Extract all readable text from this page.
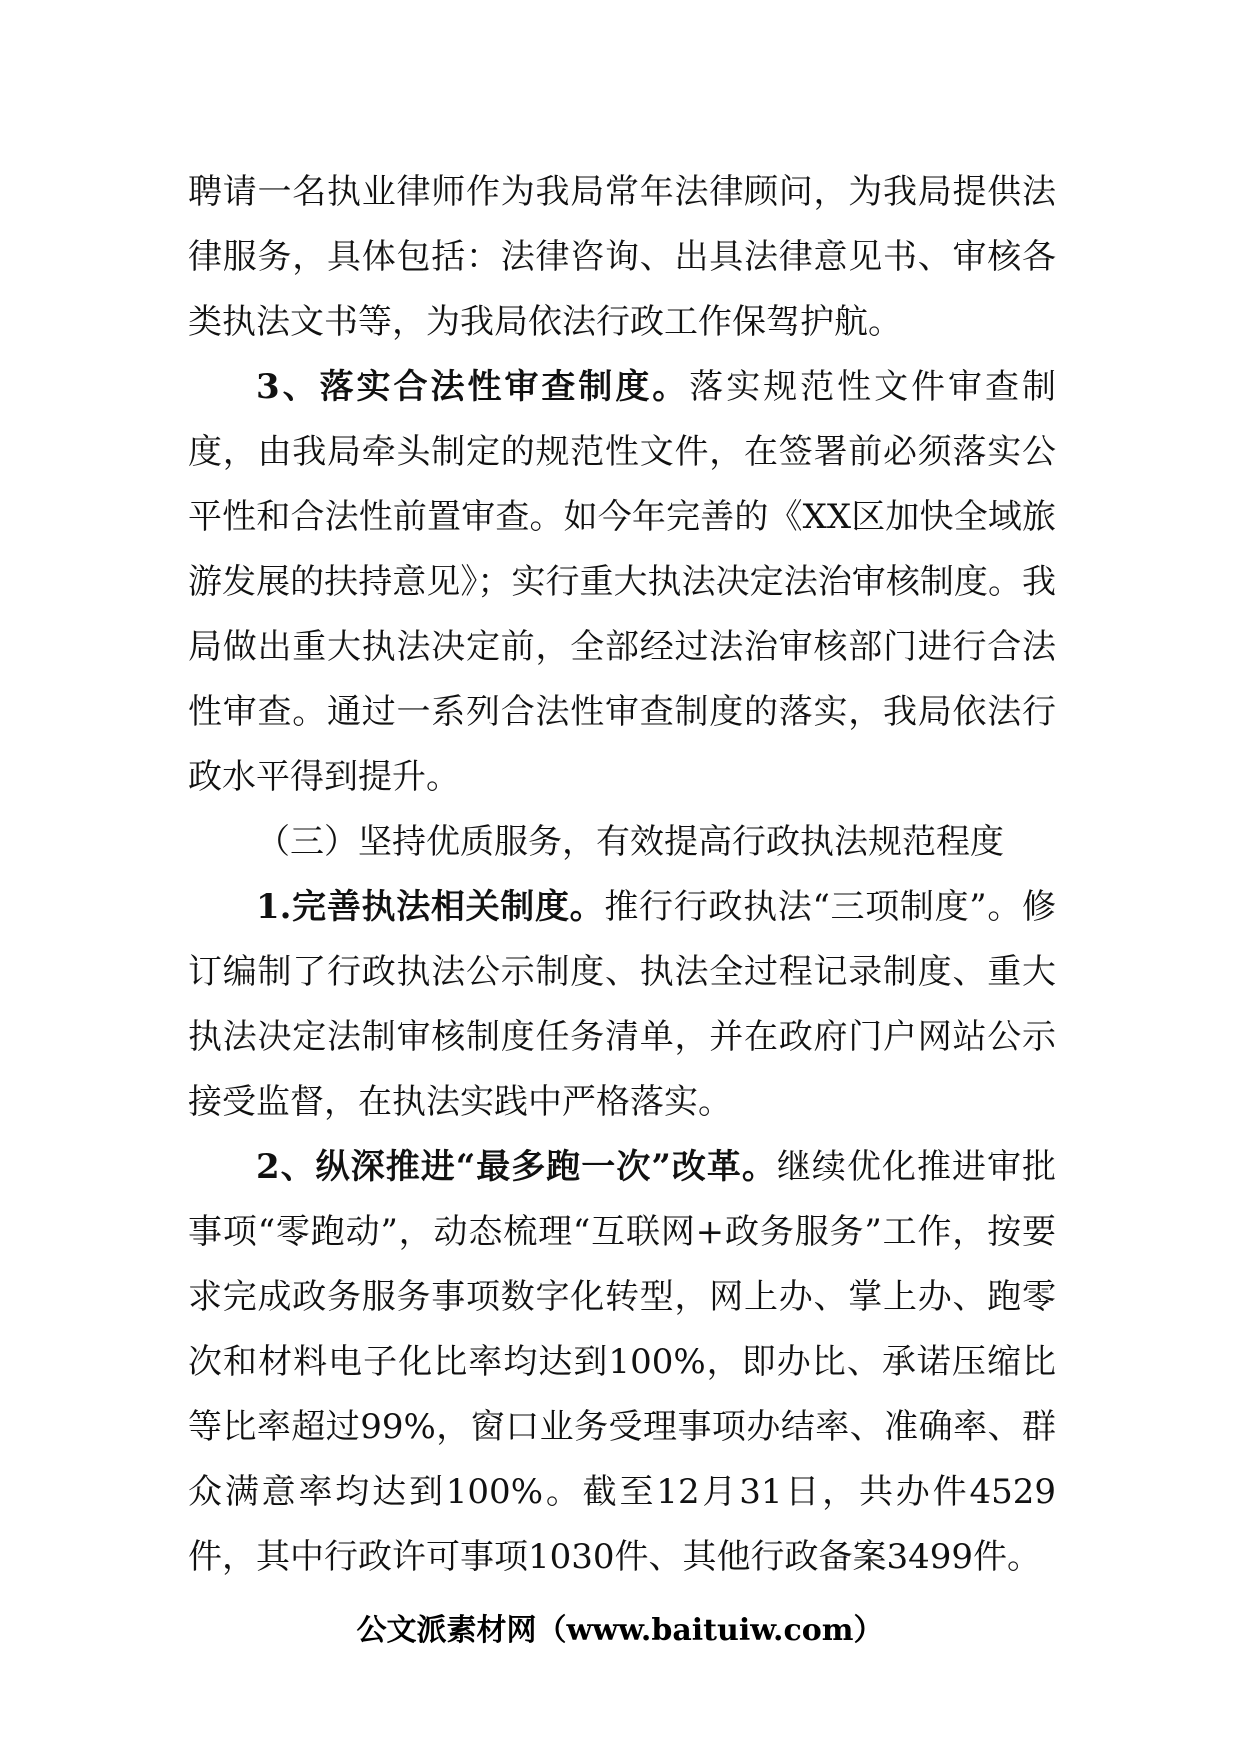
聘请一名执业律师作为我局常年法律顾问，为我局提供法律服务，具体包括：法律咨询、出具法律意见书、审核各类执法文书等，为我局依法行政工作保驾护航。

3、落实合法性审查制度。落实规范性文件审查制度，由我局牵头制定的规范性文件，在签署前必须落实公平性和合法性前置审查。如今年完善的《XX区加快全域旅游发展的扶持意见》；实行重大执法决定法治审核制度。我局做出重大执法决定前，全部经过法治审核部门进行合法性审查。通过一系列合法性审查制度的落实，我局依法行政水平得到提升。

（三）坚持优质服务，有效提高行政执法规范程度

1.完善执法相关制度。推行行政执法“三项制度”。修订编制了行政执法公示制度、执法全过程记录制度、重大执法决定法制审核制度任务清单，并在政府门户网站公示接受监督，在执法实践中严格落实。

2、纵深推进“最多跑一次”改革。继续优化推进审批事项“零跑动”，动态梳理“互联网+政务服务”工作，按要求完成政务服务事项数字化转型，网上办、掌上办、跑零次和材料电子化比率均达到100%，即办比、承诺压缩比等比率超过99%，窗口业务受理事项办结率、准确率、群众满意率均达到100%。截至12月31日，共办件4529件，其中行政许可事项1030件、其他行政备案3499件。

公文派素材网（www.baituiw.com）
